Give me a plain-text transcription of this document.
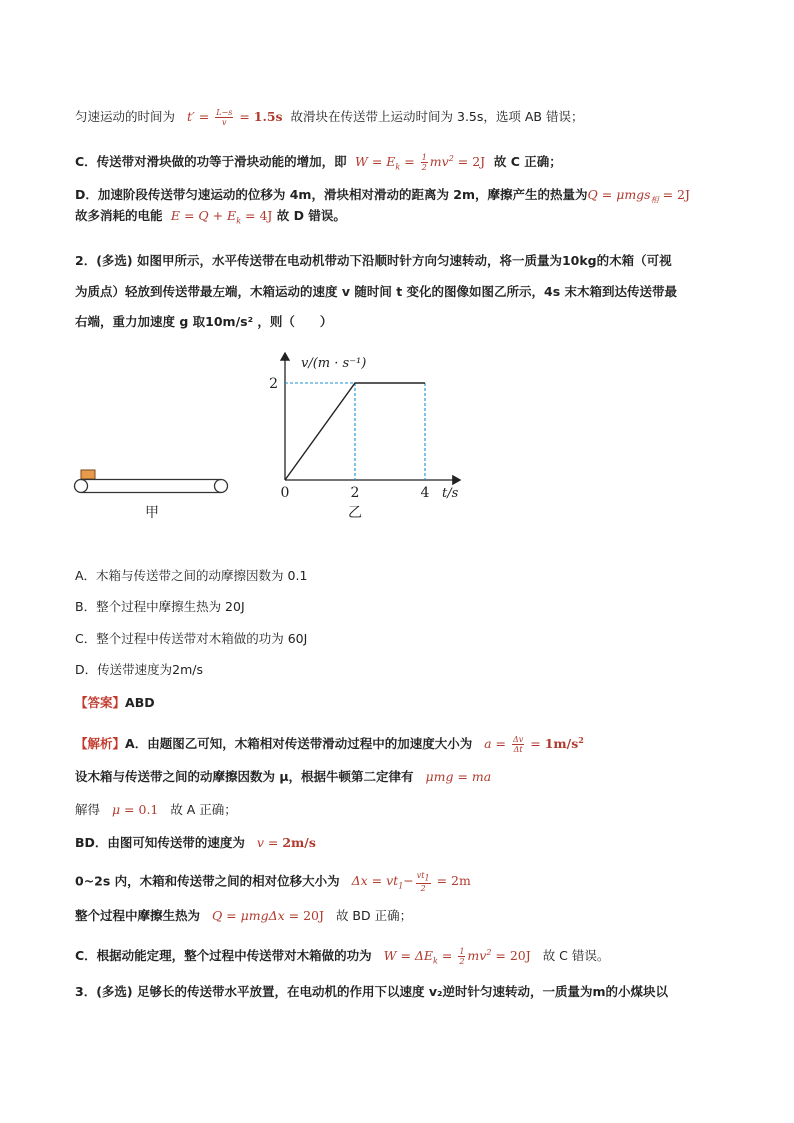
匀速运动的时间为   $t' = \frac{L-s}{v} = 1.5s$ 故滑块在传送带上运动时间为 3.5s，选项 AB 错误；
C．传送带对滑块做的功等于滑块动能的增加，即  $W = E_k = \frac{1}{2} mv^2 = 2J$ 故 C 正确；
D．加速阶段传送带匀速运动的位移为 4m，滑块相对滑动的距离为 2m，摩擦产生的热量为Q = μmgs$_相$ = 2J
故多消耗的电能  $E = Q + E_k = 4J$ 故 D 错误。
2．(多选) 如图甲所示，水平传送带在电动机带动下沿顺时针方向匀速转动，将一质量为10kg的木箱（可视
为质点）轻放到传送带最左端，木箱运动的速度 v 随时间 t 变化的图像如图乙所示，4s 末木箱到达传送带最
右端，重力加速度 g 取10m/s² ，则（　　）
甲
v/(m · s⁻¹)
2
0	2	4 t/s
乙
A．木箱与传送带之间的动摩擦因数为 0.1
B．整个过程中摩擦生热为 20J
C．整个过程中传送带对木箱做的功为 60J
D．传送带速度为2m/s
【答案】ABD
【解析】A．由题图乙可知，木箱相对传送带滑动过程中的加速度大小为   $a = \frac{\Delta v}{\Delta t} = 1m/s^2$
设木箱与传送带之间的动摩擦因数为 μ，根据牛顿第二定律有   μmg = ma
解得   μ = 0.1 故 A 正确；
BD．由图可知传送带的速度为   v = 2m/s
0~2s 内，木箱和传送带之间的相对位移大小为   $\Delta x = vt_1- \frac{vt_1}{2} = 2m$
整个过程中摩擦生热为   Q = μmgΔx = 20J 故 BD 正确；
C．根据动能定理，整个过程中传送带对木箱做的功为   $W = \Delta E_k = \frac{1}{2} mv^2 = 20J$ 故 C 错误。
3．(多选) 足够长的传送带水平放置，在电动机的作用下以速度 v₂逆时针匀速转动，一质量为m的小煤块以
